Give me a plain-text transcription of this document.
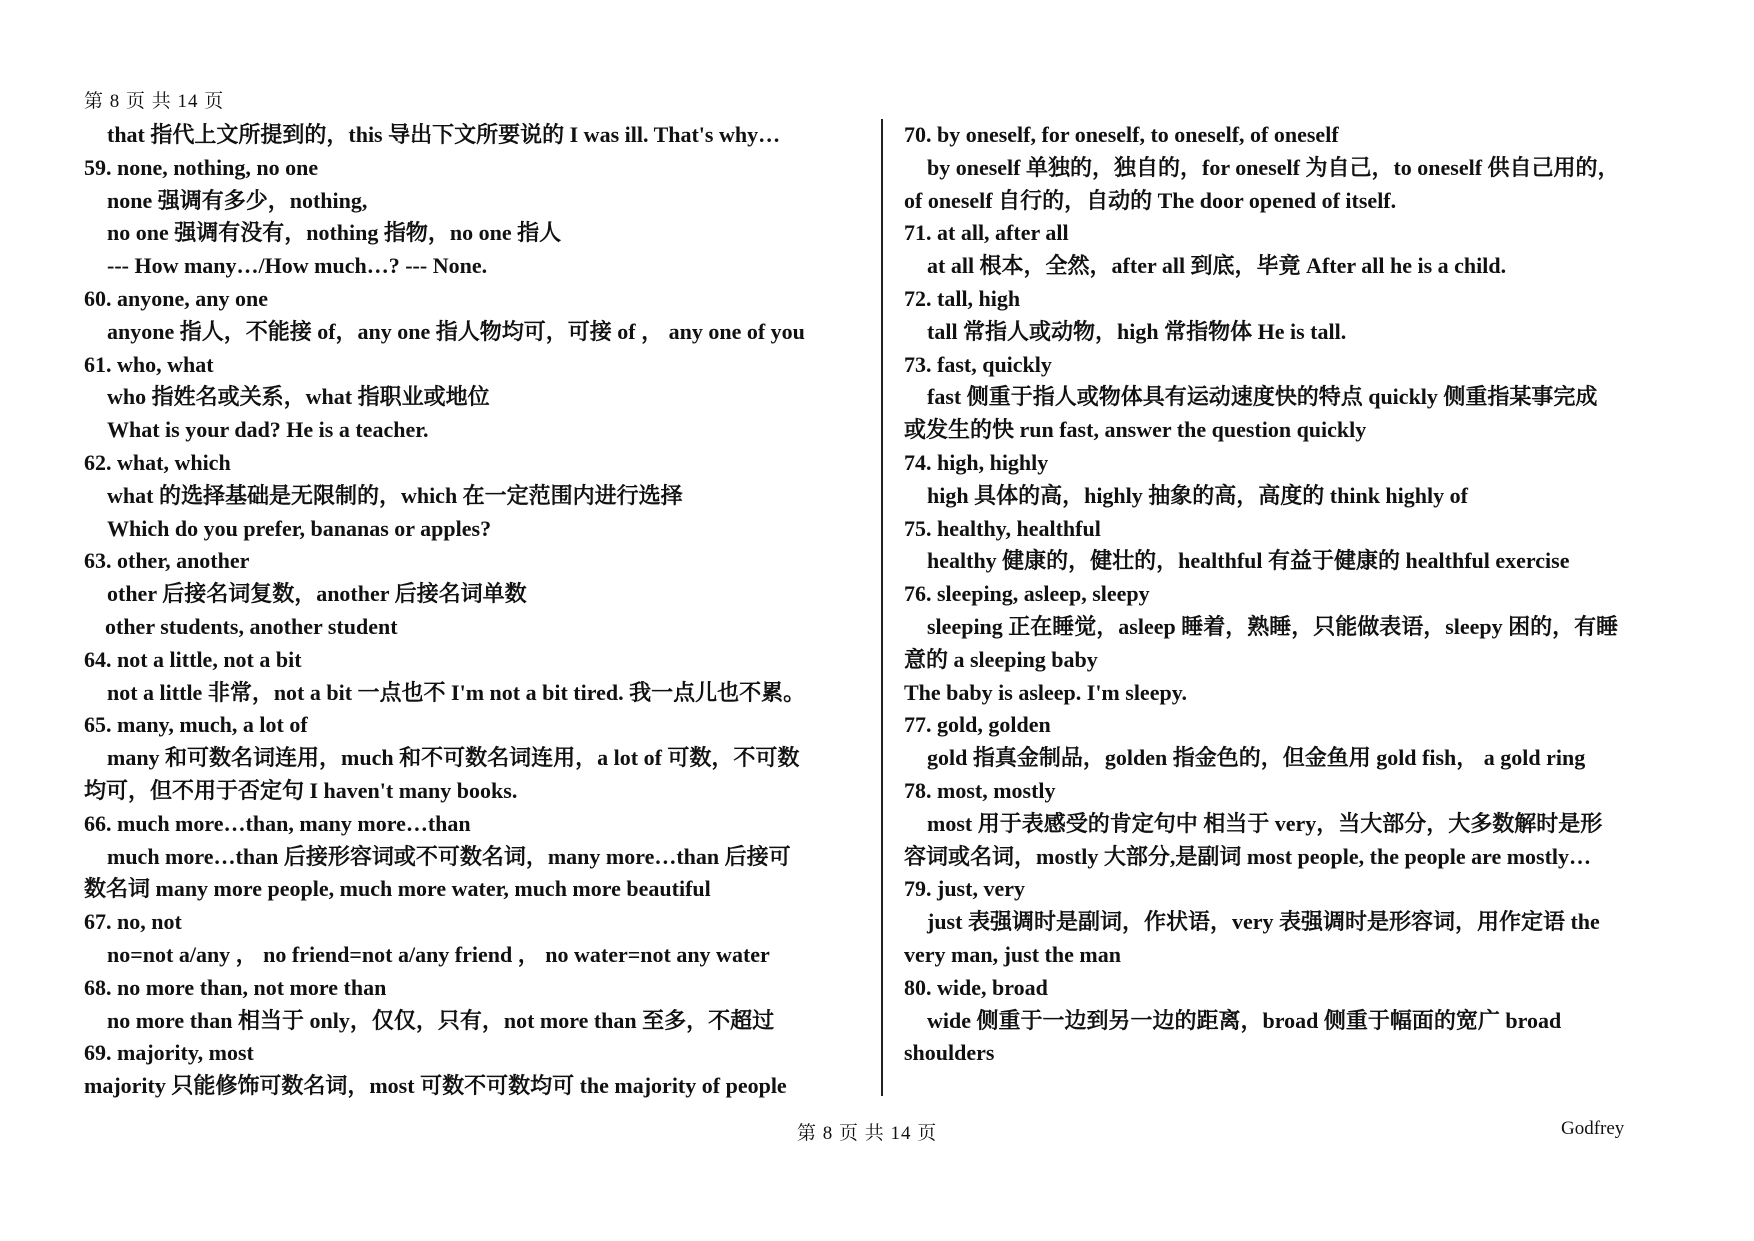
第 8 页 共 14 页
that 指代上文所提到的，this 导出下文所要说的 I was ill. That's why…
59. none, nothing, no one
none 强调有多少，nothing,
no one 强调有没有，nothing 指物，no one 指人
--- How many…/How much…? --- None.
60. anyone, any one
anyone 指人，不能接 of，any one 指人物均可，可接 of ， any one of you
61. who, what
who 指姓名或关系，what 指职业或地位
What is your dad? He is a teacher.
62. what, which
what 的选择基础是无限制的，which 在一定范围内进行选择
Which do you prefer, bananas or apples?
63. other, another
other 后接名词复数，another 后接名词单数
other students, another student
64. not a little, not a bit
not a little 非常，not a bit 一点也不 I'm not a bit tired. 我一点儿也不累。
65. many, much, a lot of
many 和可数名词连用，much 和不可数名词连用，a lot of 可数，不可数
均可，但不用于否定句 I haven't many books.
66. much more…than, many more…than
much more…than 后接形容词或不可数名词，many more…than 后接可
数名词 many more people, much more water, much more beautiful
67. no, not
no=not a/any ， no friend=not a/any friend ， no water=not any water
68. no more than, not more than
no more than 相当于 only，仅仅，只有，not more than 至多，不超过
69. majority, most
majority 只能修饰可数名词，most 可数不可数均可 the majority of people
70. by oneself, for oneself, to oneself, of oneself
by oneself 单独的，独自的，for oneself 为自己，to oneself 供自己用的，
of oneself 自行的，自动的 The door opened of itself.
71. at all, after all
at all 根本，全然，after all 到底，毕竟 After all he is a child.
72. tall, high
tall 常指人或动物，high 常指物体 He is tall.
73. fast, quickly
fast 侧重于指人或物体具有运动速度快的特点 quickly 侧重指某事完成
或发生的快 run fast, answer the question quickly
74. high, highly
high 具体的高，highly 抽象的高，高度的 think highly of
75. healthy, healthful
healthy 健康的，健壮的，healthful 有益于健康的 healthful exercise
76. sleeping, asleep, sleepy
sleeping 正在睡觉，asleep 睡着，熟睡，只能做表语，sleepy 困的，有睡
意的 a sleeping baby
The baby is asleep. I'm sleepy.
77. gold, golden
gold 指真金制品，golden 指金色的，但金鱼用 gold fish， a gold ring
78. most, mostly
most 用于表感受的肯定句中 相当于 very，当大部分，大多数解时是形
容词或名词，mostly 大部分,是副词 most people, the people are mostly…
79. just, very
just 表强调时是副词，作状语，very 表强调时是形容词，用作定语 the
very man, just the man
80. wide, broad
wide 侧重于一边到另一边的距离，broad 侧重于幅面的宽广 broad
shoulders
第 8 页 共 14 页	Godfrey
